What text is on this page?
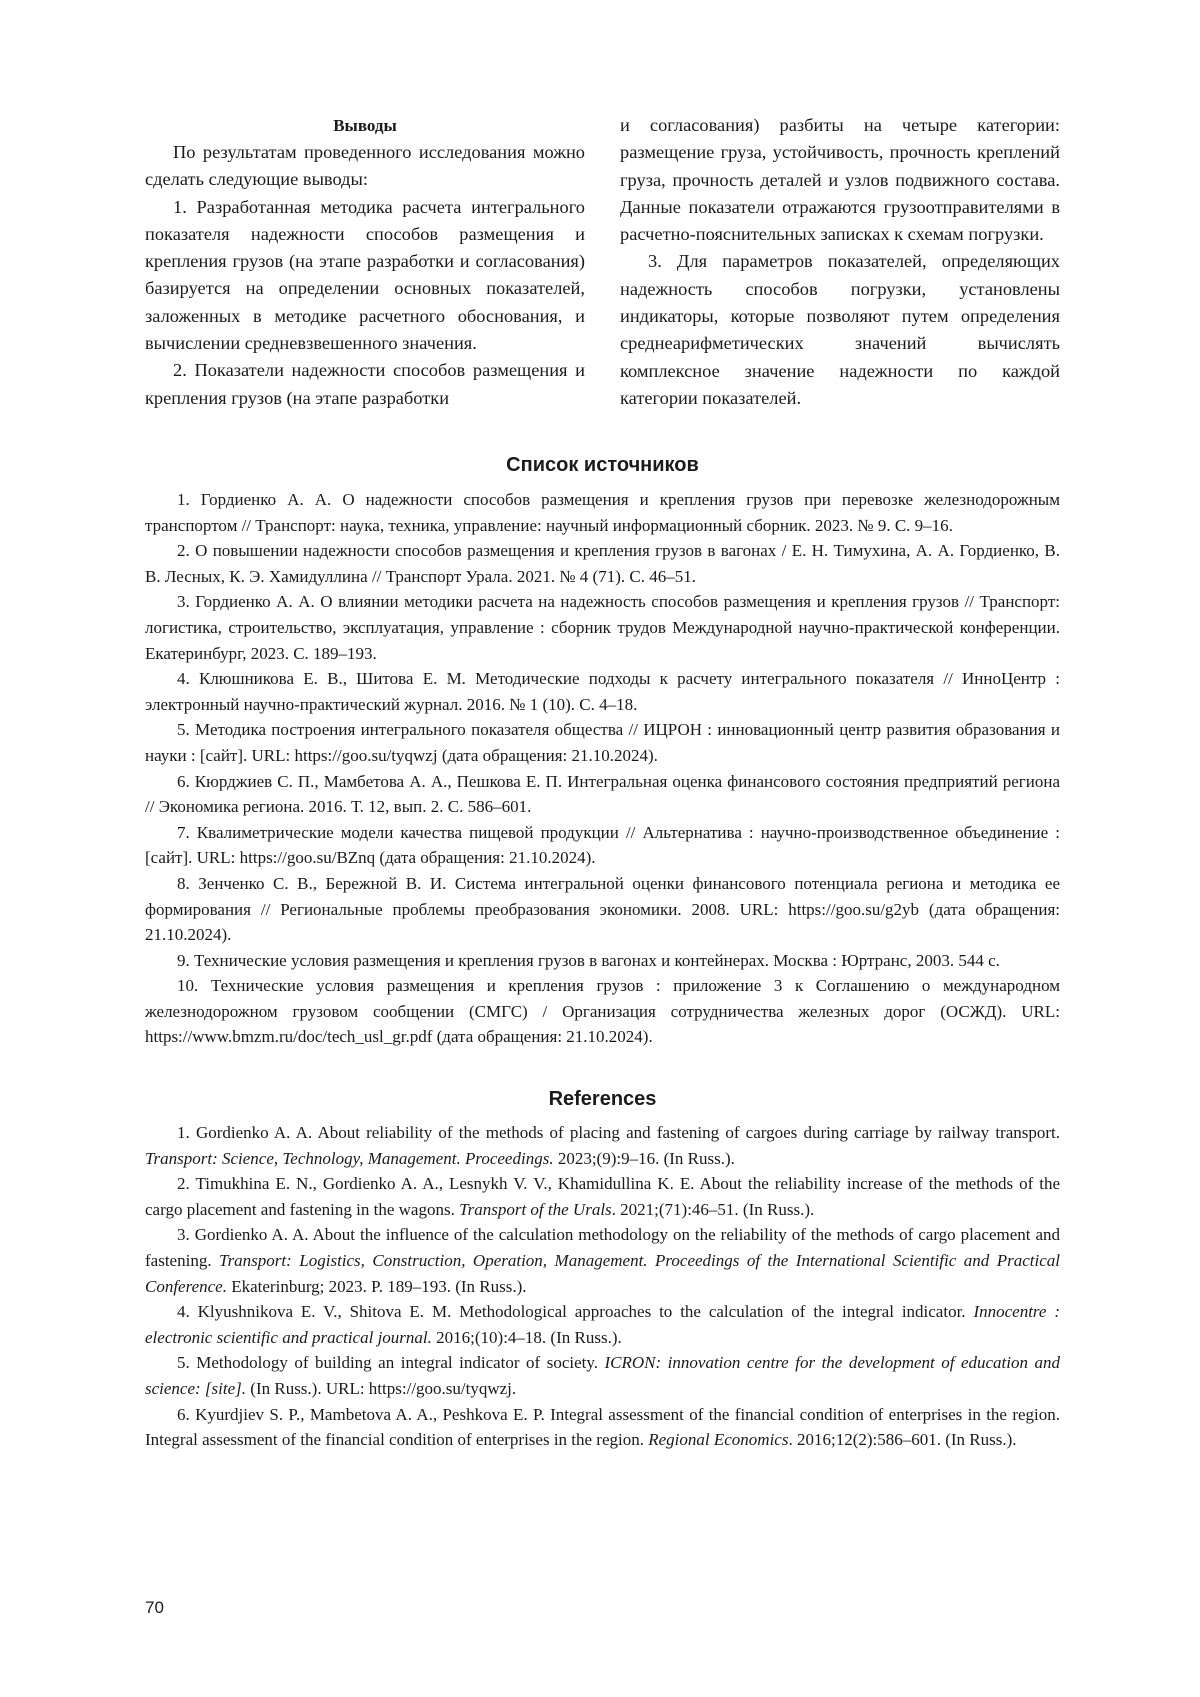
Выводы

По результатам проведенного исследования можно сделать следующие выводы:

1. Разработанная методика расчета интегрального показателя надежности способов размещения и крепления грузов (на этапе разработки и согласования) базируется на определении основных показателей, заложенных в методике расчетного обоснования, и вычислении средневзвешенного значения.

2. Показатели надежности способов размещения и крепления грузов (на этапе разработки

и согласования) разбиты на четыре категории: размещение груза, устойчивость, прочность креплений груза, прочность деталей и узлов подвижного состава. Данные показатели отражаются грузоотправителями в расчетно-пояснительных записках к схемам погрузки.

3. Для параметров показателей, определяющих надежность способов погрузки, установлены индикаторы, которые позволяют путем определения среднеарифметических значений вычислять комплексное значение надежности по каждой категории показателей.

Список источников

1. Гордиенко А. А. О надежности способов размещения и крепления грузов при перевозке железнодорожным транспортом // Транспорт: наука, техника, управление: научный информационный сборник. 2023. № 9. С. 9–16.

2. О повышении надежности способов размещения и крепления грузов в вагонах / Е. Н. Тимухина, А. А. Гордиенко, В. В. Лесных, К. Э. Хамидуллина // Транспорт Урала. 2021. № 4 (71). С. 46–51.

3. Гордиенко А. А. О влиянии методики расчета на надежность способов размещения и крепления грузов // Транспорт: логистика, строительство, эксплуатация, управление : сборник трудов Международной научно-практической конференции. Екатеринбург, 2023. С. 189–193.

4. Клюшникова Е. В., Шитова Е. М. Методические подходы к расчету интегрального показателя // ИнноЦентр : электронный научно-практический журнал. 2016. № 1 (10). С. 4–18.

5. Методика построения интегрального показателя общества // ИЦРОН : инновационный центр развития образования и науки : [сайт]. URL: https://goo.su/tyqwzj (дата обращения: 21.10.2024).

6. Кюрджиев С. П., Мамбетова А. А., Пешкова Е. П. Интегральная оценка финансового состояния предприятий региона // Экономика региона. 2016. Т. 12, вып. 2. С. 586–601.

7. Квалиметрические модели качества пищевой продукции // Альтернатива : научно-производственное объединение : [сайт]. URL: https://goo.su/BZnq (дата обращения: 21.10.2024).

8. Зенченко С. В., Бережной В. И. Система интегральной оценки финансового потенциала региона и методика ее формирования // Региональные проблемы преобразования экономики. 2008. URL: https://goo.su/g2yb (дата обращения: 21.10.2024).

9. Технические условия размещения и крепления грузов в вагонах и контейнерах. Москва : Юртранс, 2003. 544 с.

10. Технические условия размещения и крепления грузов : приложение 3 к Соглашению о международном железнодорожном грузовом сообщении (СМГС) / Организация сотрудничества железных дорог (ОСЖД). URL: https://www.bmzm.ru/doc/tech_usl_gr.pdf (дата обращения: 21.10.2024).

References

1. Gordienko A. A. About reliability of the methods of placing and fastening of cargoes during carriage by railway transport. Transport: Science, Technology, Management. Proceedings. 2023;(9):9–16. (In Russ.).

2. Timukhina E. N., Gordienko A. A., Lesnykh V. V., Khamidullina K. E. About the reliability increase of the methods of the cargo placement and fastening in the wagons. Transport of the Urals. 2021;(71):46–51. (In Russ.).

3. Gordienko A. A. About the influence of the calculation methodology on the reliability of the methods of cargo placement and fastening. Transport: Logistics, Construction, Operation, Management. Proceedings of the International Scientific and Practical Conference. Ekaterinburg; 2023. P. 189–193. (In Russ.).

4. Klyushnikova E. V., Shitova E. M. Methodological approaches to the calculation of the integral indicator. Innocentre : electronic scientific and practical journal. 2016;(10):4–18. (In Russ.).

5. Methodology of building an integral indicator of society. ICRON: innovation centre for the development of education and science: [site]. (In Russ.). URL: https://goo.su/tyqwzj.

6. Kyurdjiev S. P., Mambetova A. A., Peshkova E. P. Integral assessment of the financial condition of enterprises in the region. Integral assessment of the financial condition of enterprises in the region. Regional Economics. 2016;12(2):586–601. (In Russ.).

70
